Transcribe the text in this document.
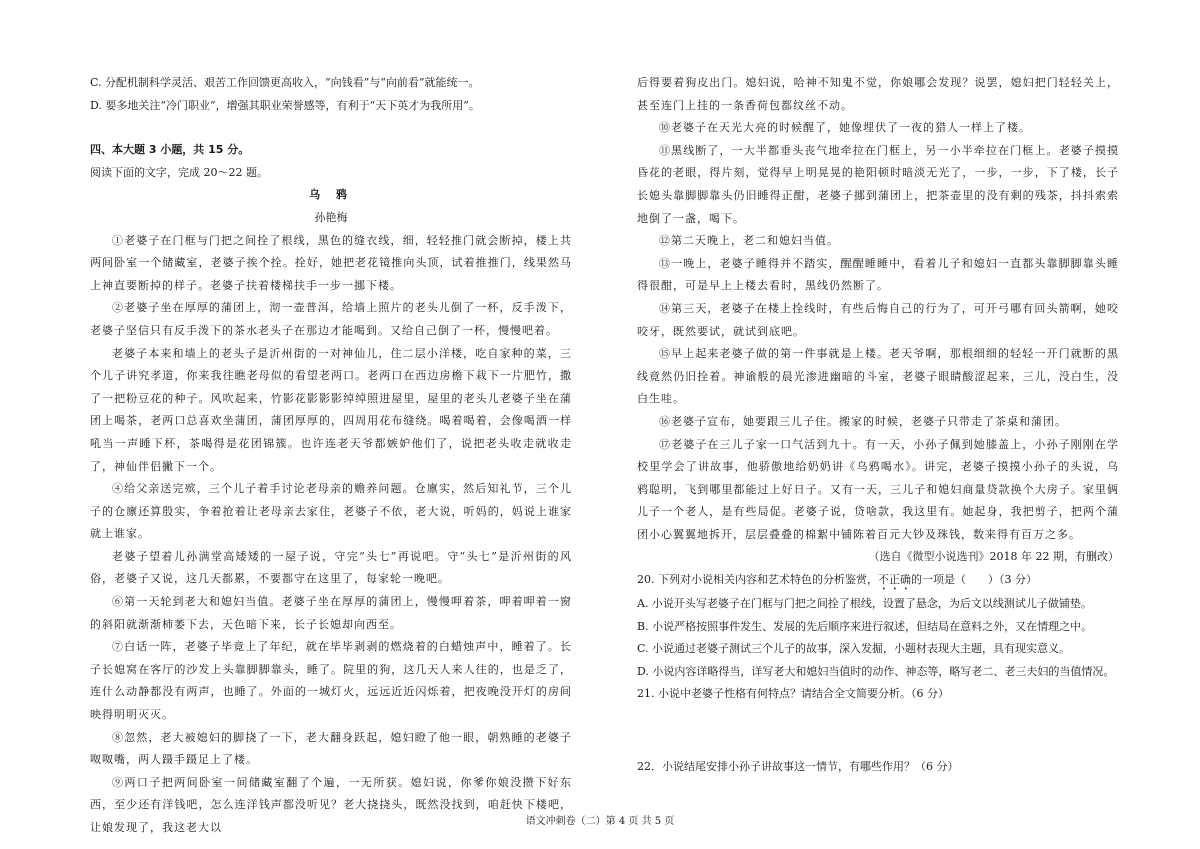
C. 分配机制科学灵活、艰苦工作回馈更高收入，“向钱看”与“向前看”就能统一。
D. 要多地关注“冷门职业”，增强其职业荣誉感等，有利于“天下英才为我所用”。
四、本大题 3 小题，共 15 分。
阅读下面的文字，完成 20～22 题。
乌 鸦
孙艳梅
①老婆子在门框与门把之间拴了根线，黑色的缝衣线，细，轻轻推门就会断掉，楼上共两间卧室一个储藏室，老婆子挨个拴。拴好，她把老花镜推向头顶，试着推推门，线果然马上神直要断掉的样子。老婆子扶着楼梯扶手一步一挪下楼。
②老婆子坐在厚厚的蒲团上，沏一壶普洱，给墙上照片的老头儿倒了一杯，反手泼下，老婆子坚信只有反手泼下的茶水老头子在那边才能喝到。又给自己倒了一杯，慢慢吧着。
老婆子本来和墙上的老头子是沂州街的一对神仙儿，住二层小洋楼，吃自家种的菜，三个儿子讲究孝道，你来我往瞧老母似的看望老两口。老两口在西边房檐下栽下一片肥竹，撒了一把粉豆花的种子。风吹起来，竹影花影影影绰绰照进屋里，屋里的老头儿老婆子坐在蒲团上喝茶，老两口总喜欢坐蒲团，蒲团厚厚的，四周用花布缝绕。喝着喝着，会像喝酒一样吼当一声睡下杯，茶喝得是花团锦簇。也许连老天爷都嫉妒他们了，说把老头收走就收走了，神仙伴侣撇下一个。
④给父亲送完殡，三个儿子着手讨论老母亲的赡养问题。仓廪实，然后知礼节，三个儿子的仓廪还算殷实，争着抢着让老母亲去家住，老婆子不依，老大说，听妈的，妈说上谁家就上谁家。
老婆子望着儿孙满堂高矮矮的一屋子说，守完“头七”再说吧。守“头七”是沂州街的风俗，老婆子又说，这几天都累，不要都守在这里了，每家轮一晚吧。
⑥第一天轮到老大和媳妇当值。老婆子坐在厚厚的蒲团上，慢慢呷着茶，呷着呷着一窗的斜阳就渐渐柿萎下去，天色暗下来，长子长媳却向西至。
⑦白话一阵，老婆子毕竟上了年纪，就在毕毕剥剥的燃烧着的白蜡烛声中，睡着了。长子长媳窝在客厅的沙发上头靠脚脚靠头，睡了。院里的狗，这几天人来人往的，也是乏了，连什么动静都没有两声，也睡了。外面的一城灯火，远远近近闪烁着，把夜晚没开灯的房间映得明明灭灭。
⑧忽然，老大被媳妇的脚挠了一下，老大翻身跃起，媳妇瞪了他一眼，朝熟睡的老婆子呶呶嘴，两人蹑手蹑足上了楼。
⑨两口子把两间卧室一间储藏室翻了个遍，一无所获。媳妇说，你爹你娘没攒下好东西，至少还有洋钱吧，怎么连洋钱声都没听见？老大挠挠头，既然没找到，咱赶快下楼吧，让娘发现了，我这老大以
后得要着狗皮出门。媳妇说，哈神不知鬼不觉，你娘哪会发现？说罢，媳妇把门轻轻关上，甚至连门上挂的一条香荷包都纹丝不动。
⑩老婆子在天光大亮的时候醒了，她像埋伏了一夜的猎人一样上了楼。
⑪黑线断了，一大半都垂头丧气地牵拉在门框上，另一小半牵拉在门框上。老婆子摸摸昏花的老眼，得片刻，觉得早上明晃晃的艳阳顿时暗淡无光了，一步，一步，下了楼，长子长媳头靠脚脚靠头仍旧睡得正酣，老婆子挪到蒲团上，把茶壶里的没有剩的残茶，抖抖索索地倒了一盏，喝下。
⑫第二天晚上，老二和媳妇当值。
⑬一晚上，老婆子睡得并不踏实，醒醒睡睡中，看着儿子和媳妇一直都头靠脚脚靠头睡得很酣，可是早上上楼去看时，黑线仍然断了。
⑭第三天，老婆子在楼上拴线时，有些后悔自己的行为了，可开弓哪有回头箭啊，她咬咬牙，既然要试，就试到底吧。
⑮早上起来老婆子做的第一件事就是上楼。老天爷啊，那根细细的轻轻一开门就断的黑线竟然仍旧拴着。神谕般的晨光渗进幽暗的斗室，老婆子眼睛酸涩起来，三儿，没白生，没白生哇。
⑯老婆子宣布，她要跟三儿子住。搬家的时候，老婆子只带走了茶桌和蒲团。
⑰老婆子在三儿子家一口气活到九十。有一天，小孙子佩到她膝盖上，小孙子刚刚在学校里学会了讲故事，他骄傲地给奶奶讲《乌鸦喝水》。讲完，老婆子摸摸小孙子的头说，乌鸦聪明，飞到哪里都能过上好日子。又有一天，三儿子和媳妇商量贷款换个大房子。家里俩儿子一个老人，是有些局促。老婆子说，贷啥款，我这里有。她起身，我把剪子，把两个蒲团小心翼翼地拆开，层层叠叠的棉絮中铺陈着百元大钞及珠钱，数来得有百万之多。
（选自《微型小说选刊》2018 年 22 期，有删改）
20. 下列对小说相关内容和艺术特色的分析鉴赏，不正确的一项是（　　）（3 分）
A. 小说开头写老婆子在门框与门把之间拴了根线，设置了悬念，为后文以线测试儿子做铺垫。
B. 小说严格按照事件发生、发展的先后顺序来进行叙述，但结局在意料之外，又在情理之中。
C. 小说通过老婆子测试三个儿子的故事，深入发掘，小题材表现大主题，具有现实意义。
D. 小说内容详略得当，详写老大和媳妇当值时的动作、神态等，略写老二、老三夫妇的当值情况。
21. 小说中老婆子性格有何特点？请结合全文简要分析。（6 分）
22．小说结尾安排小孙子讲故事这一情节，有哪些作用？（6 分）
语文冲刺卷（二）第 4 页 共 5 页
